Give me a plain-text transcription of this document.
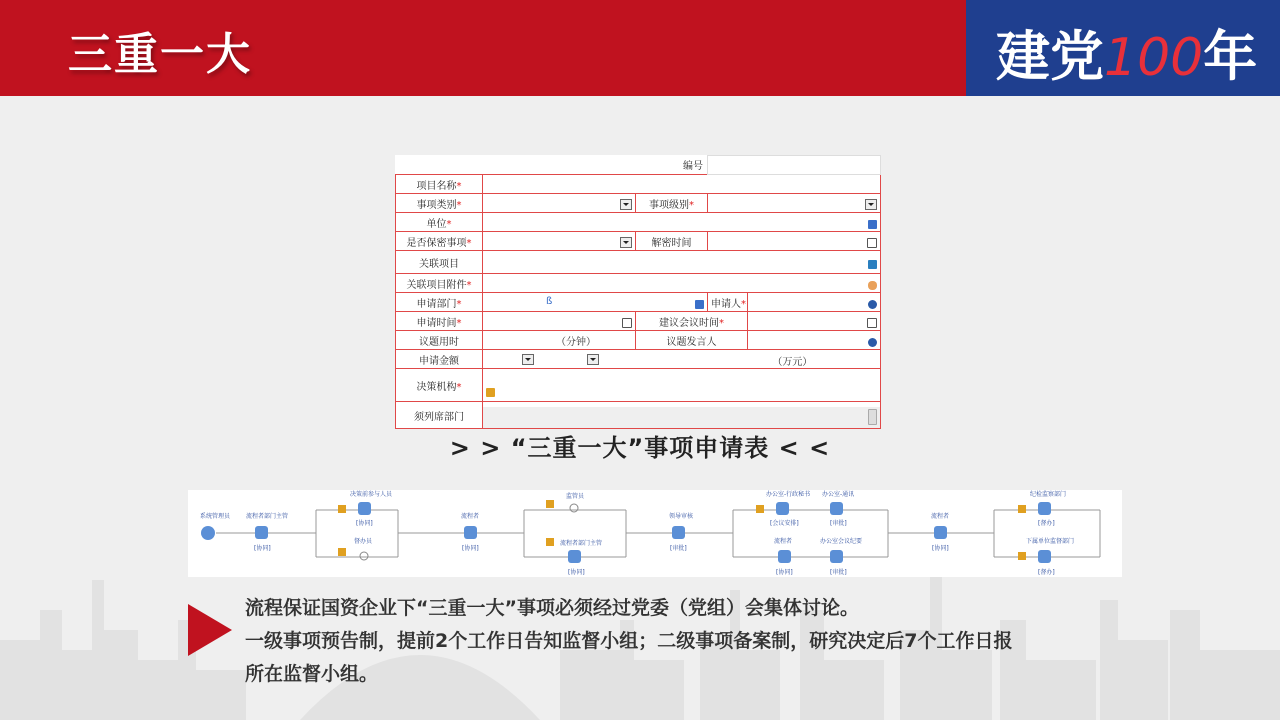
三重一大	建党100年
编号				
项目名称*				
事项类别*		事项级别*		

单位*				

是否保密事项*		解密时间		

关联项目				

关联项目附件*				

申请部门*	ß		申请人*	

申请时间*		建议会议时间*		

议题用时	（分钟）	议题发言人		

申请金额	（万元）			
决策机构*				

须列席部门				
> > “三重一大”事项申请表 < <
系统管理员	流程者部门主管
[协同]
决策前参与人员
[协同]
督办员
流程者
[协同]
监管员
流程者部门主管
[协同]
领导审核
[审批]
办公室-行政秘书
[会议安排]
办公室-通讯
[审批]
流程者
[协同]
办公室会议纪要
[审批]
流程者
[协同]
纪检监察部门
[督办]
下属单位监督部门
[督办]

流程保证国资企业下“三重一大”事项必须经过党委（党组）会集体讨论。

一级事项预告制，提前2个工作日告知监督小组；二级事项备案制，研究决定后7个工作日报

所在监督小组。
